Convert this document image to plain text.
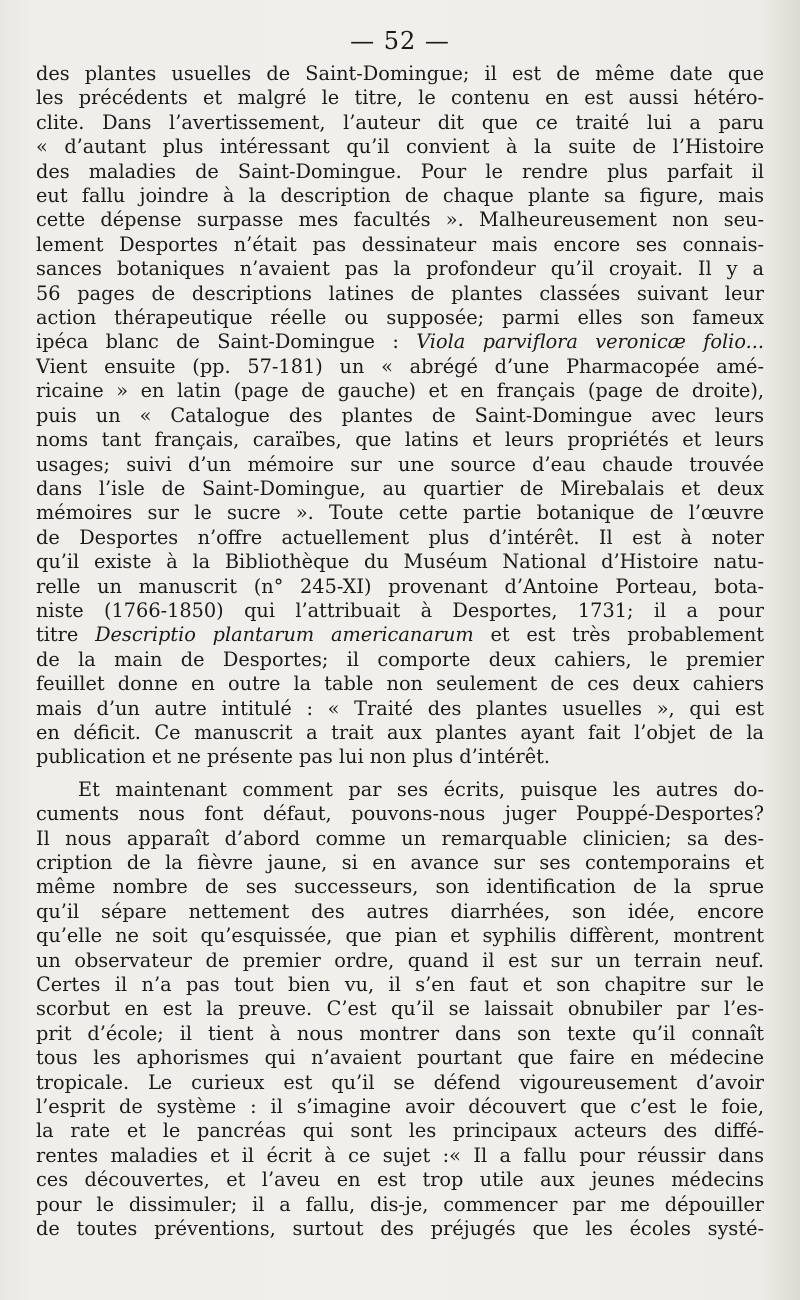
— 52 —

des plantes usuelles de Saint-Domingue; il est de même date que
les précédents et malgré le titre, le contenu en est aussi hétéro-
clite. Dans l’avertissement, l’auteur dit que ce traité lui a paru
« d’autant plus intéressant qu’il convient à la suite de l’Histoire
des maladies de Saint-Domingue. Pour le rendre plus parfait il
eut fallu joindre à la description de chaque plante sa figure, mais
cette dépense surpasse mes facultés ». Malheureusement non seu-
lement Desportes n’était pas dessinateur mais encore ses connais-
sances botaniques n’avaient pas la profondeur qu’il croyait. Il y a
56 pages de descriptions latines de plantes classées suivant leur
action thérapeutique réelle ou supposée; parmi elles son fameux
ipéca blanc de Saint-Domingue : Viola parviflora veronicæ folio...
Vient ensuite (pp. 57-181) un « abrégé d’une Pharmacopée amé-
ricaine » en latin (page de gauche) et en français (page de droite),
puis un « Catalogue des plantes de Saint-Domingue avec leurs
noms tant français, caraïbes, que latins et leurs propriétés et leurs
usages; suivi d’un mémoire sur une source d’eau chaude trouvée
dans l’isle de Saint-Domingue, au quartier de Mirebalais et deux
mémoires sur le sucre ». Toute cette partie botanique de l’œuvre
de Desportes n’offre actuellement plus d’intérêt. Il est à noter
qu’il existe à la Bibliothèque du Muséum National d’Histoire natu-
relle un manuscrit (n° 245-XI) provenant d’Antoine Porteau, bota-
niste (1766-1850) qui l’attribuait à Desportes, 1731; il a pour
titre Descriptio plantarum americanarum et est très probablement
de la main de Desportes; il comporte deux cahiers, le premier
feuillet donne en outre la table non seulement de ces deux cahiers
mais d’un autre intitulé : « Traité des plantes usuelles », qui est
en déficit. Ce manuscrit a trait aux plantes ayant fait l’objet de la
publication et ne présente pas lui non plus d’intérêt.

Et maintenant comment par ses écrits, puisque les autres do-
cuments nous font défaut, pouvons-nous juger Pouppé-Desportes?
Il nous apparaît d’abord comme un remarquable clinicien; sa des-
cription de la fièvre jaune, si en avance sur ses contemporains et
même nombre de ses successeurs, son identification de la sprue
qu’il sépare nettement des autres diarrhées, son idée, encore
qu’elle ne soit qu’esquissée, que pian et syphilis diffèrent, montrent
un observateur de premier ordre, quand il est sur un terrain neuf.
Certes il n’a pas tout bien vu, il s’en faut et son chapitre sur le
scorbut en est la preuve. C’est qu’il se laissait obnubiler par l’es-
prit d’école; il tient à nous montrer dans son texte qu’il connaît
tous les aphorismes qui n’avaient pourtant que faire en médecine
tropicale. Le curieux est qu’il se défend vigoureusement d’avoir
l’esprit de système : il s’imagine avoir découvert que c’est le foie,
la rate et le pancréas qui sont les principaux acteurs des diffé-
rentes maladies et il écrit à ce sujet :« Il a fallu pour réussir dans
ces découvertes, et l’aveu en est trop utile aux jeunes médecins
pour le dissimuler; il a fallu, dis-je, commencer par me dépouiller
de toutes préventions, surtout des préjugés que les écoles systé-
